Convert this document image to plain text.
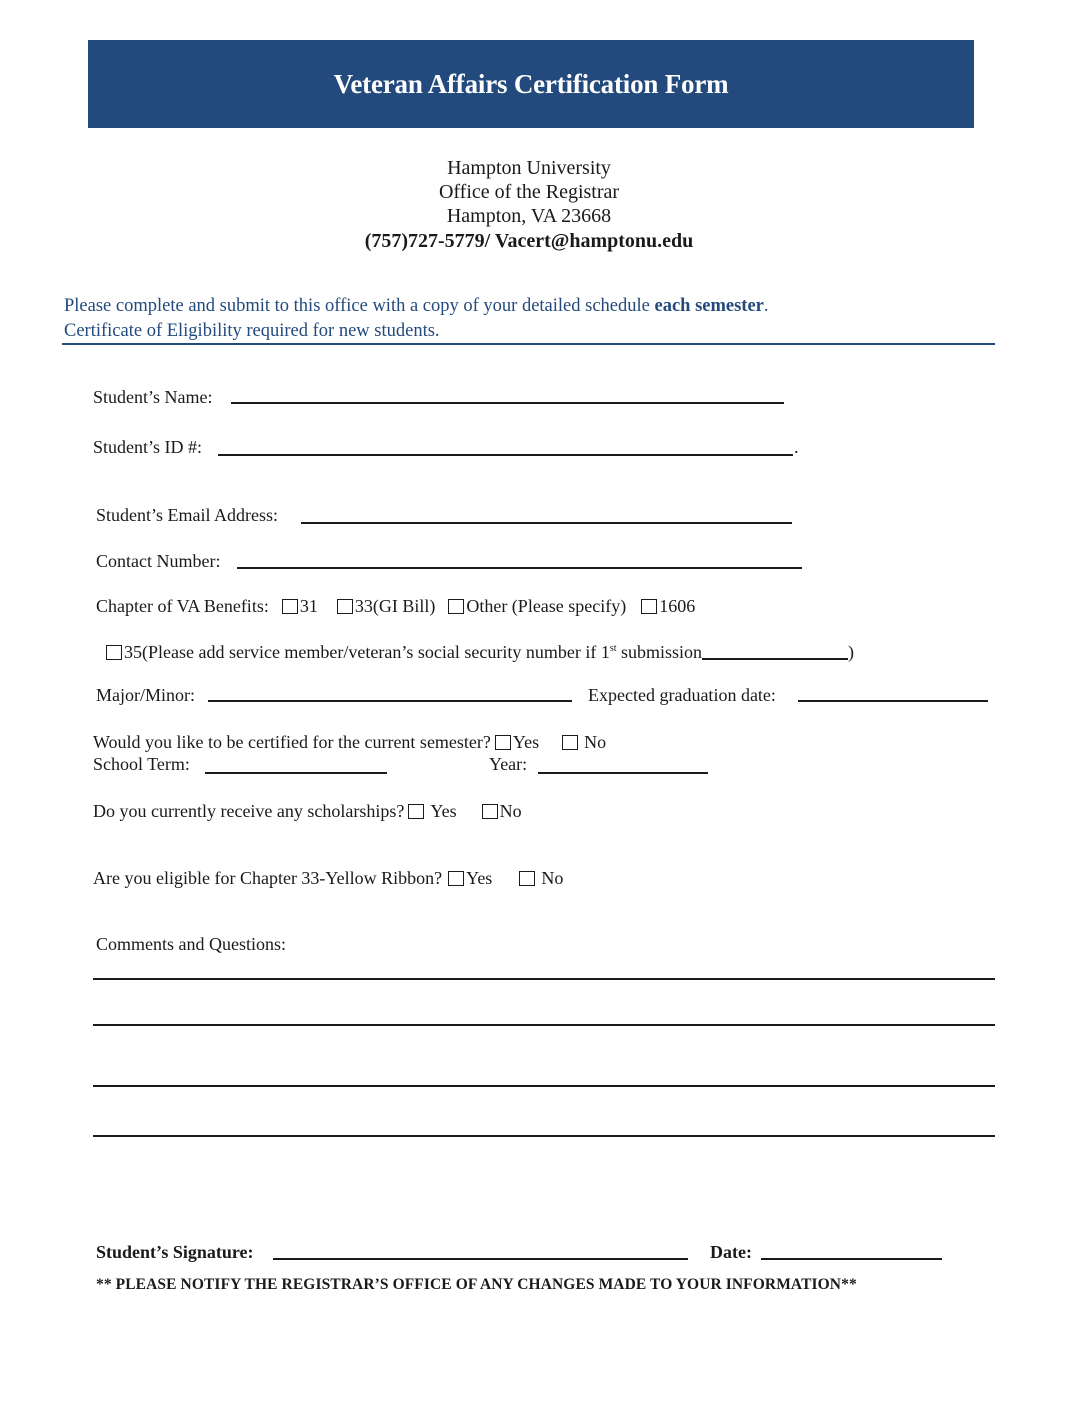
Veteran Affairs Certification Form
Hampton University
Office of the Registrar
Hampton, VA 23668
(757)727-5779/ Vacert@hamptonu.edu
Please complete and submit to this office with a copy of your detailed schedule each semester.
Certificate of Eligibility required for new students.
Student’s Name:
Student’s ID #:	.
Student’s Email Address:
Contact Number:
Chapter of VA Benefits: 31 33(GI Bill) Other (Please specify) 1606
35(Please add service member/veteran’s social security number if 1st submission	)
Major/Minor:	Expected graduation date:
Would you like to be certified for the current semester? Yes	No
School Term:	Year:
Do you currently receive any scholarships? Yes No
Are you eligible for Chapter 33-Yellow Ribbon? Yes	No
Comments and Questions:
Student’s Signature:	Date:
** PLEASE NOTIFY THE REGISTRAR’S OFFICE OF ANY CHANGES MADE TO YOUR INFORMATION**
